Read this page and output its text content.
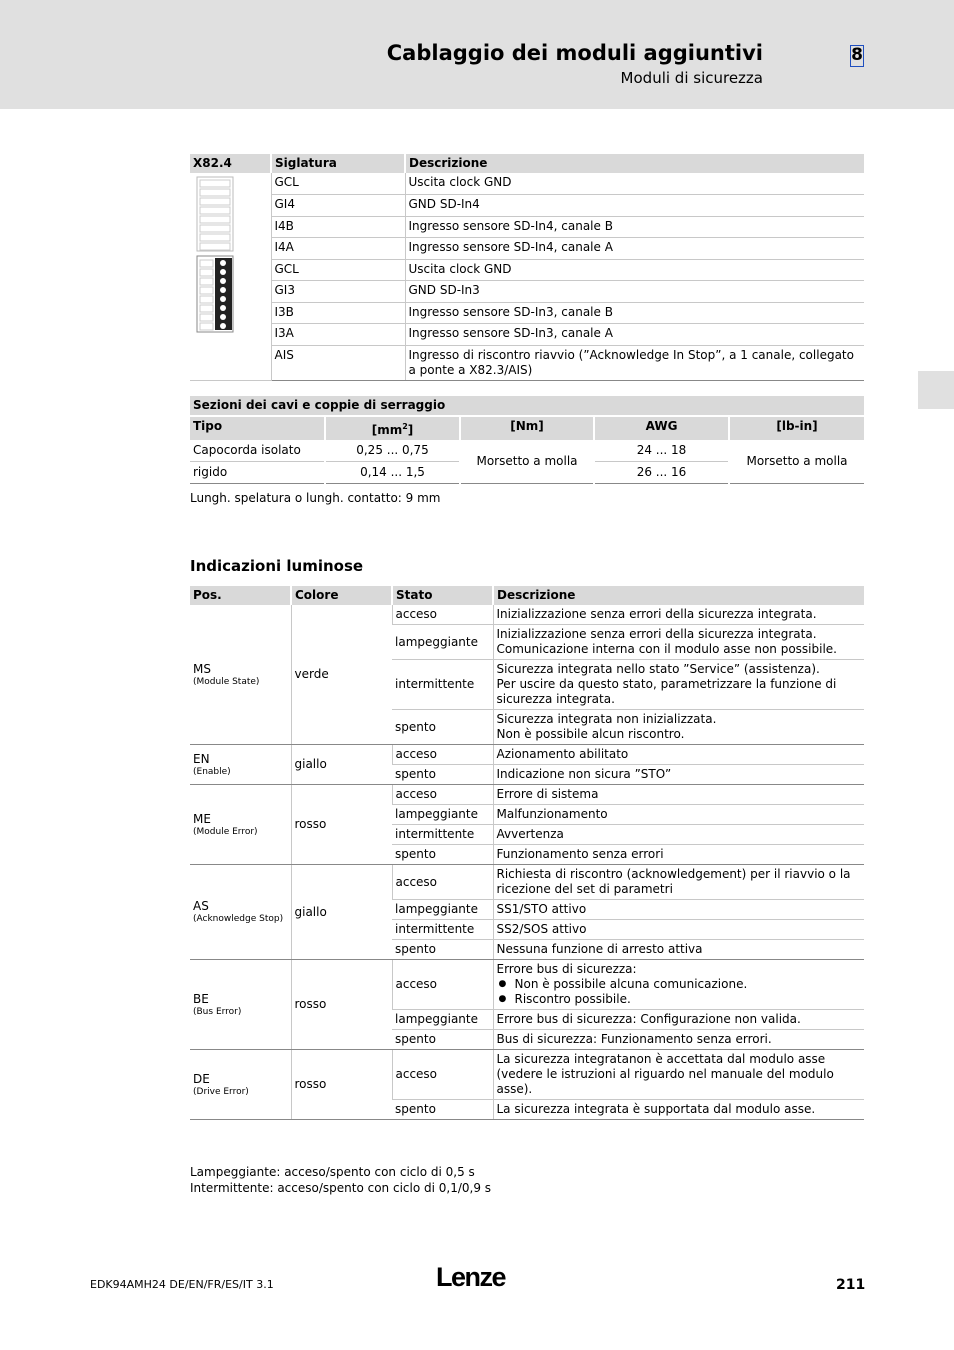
Cablaggio dei moduli aggiuntivi
Moduli di sicurezza
8
X82.4	Siglatura	Descrizione

	GCL	Uscita clock GND
	GI4	GND SD-In4
	I4B	Ingresso sensore SD-In4, canale B
	I4A	Ingresso sensore SD-In4, canale A
	GCL	Uscita clock GND
	GI3	GND SD-In3
	I3B	Ingresso sensore SD-In3, canale B
	I3A	Ingresso sensore SD-In3, canale A
	AIS	Ingresso di riscontro riavvio (”Acknowledge In Stop”, a 1 canale, collegato a ponte a X82.3/AIS)
Sezioni dei cavi e coppie di serraggio				
Tipo	$[mm^2]$	[Nm]	AWG	[lb-in]
Capocorda isolato	0,25 ... 0,75	Morsetto a molla	24 ... 18	Morsetto a molla
rigido	0,14 ... 1,5		26 ... 16	
Lungh. spelatura o lungh. contatto: 9 mm
Indicazioni luminose
Pos.	Colore	Stato	Descrizione
MS
(Module State)	verde	acceso	Inizializzazione senza errori della sicurezza integrata.

		lampeggiante	Inizializzazione senza errori della sicurezza integrata.
Comunicazione interna con il modulo asse non possibile.

		intermittente	Sicurezza integrata nello stato ”Service” (assistenza).
Per uscire da questo stato, parametrizzare la funzione di sicurezza integrata.

		spento	Sicurezza integrata non inizializzata.
Non è possibile alcun riscontro.

EN
(Enable)	giallo	acceso	Azionamento abilitato

		spento	Indicazione non sicura ”STO”

ME
(Module Error)	rosso	acceso	Errore di sistema

		lampeggiante	Malfunzionamento

		intermittente	Avvertenza

		spento	Funzionamento senza errori

AS
(Acknowledge Stop)	giallo	acceso	Richiesta di riscontro (acknowledgement) per il riavvio o la ricezione del set di parametri

		lampeggiante	SS1/STO attivo

		intermittente	SS2/SOS attivo

		spento	Nessuna funzione di arresto attiva

BE
(Bus Error)	rosso	acceso	Errore bus di sicurezza:
● Non è possibile alcuna comunicazione.
● Riscontro possibile.

		lampeggiante	Errore bus di sicurezza: Configurazione non valida.

		spento	Bus di sicurezza: Funzionamento senza errori.

DE
(Drive Error)	rosso	acceso	La sicurezza integratanon è accettata dal modulo asse (vedere le istruzioni al riguardo nel manuale del modulo asse).

		spento	La sicurezza integrata è supportata dal modulo asse.
Lampeggiante: acceso/spento con ciclo di 0,5 s
Intermittente: acceso/spento con ciclo di 0,1/0,9 s
EDK94AMH24 DE/EN/FR/ES/IT 3.1	Lenze	211
